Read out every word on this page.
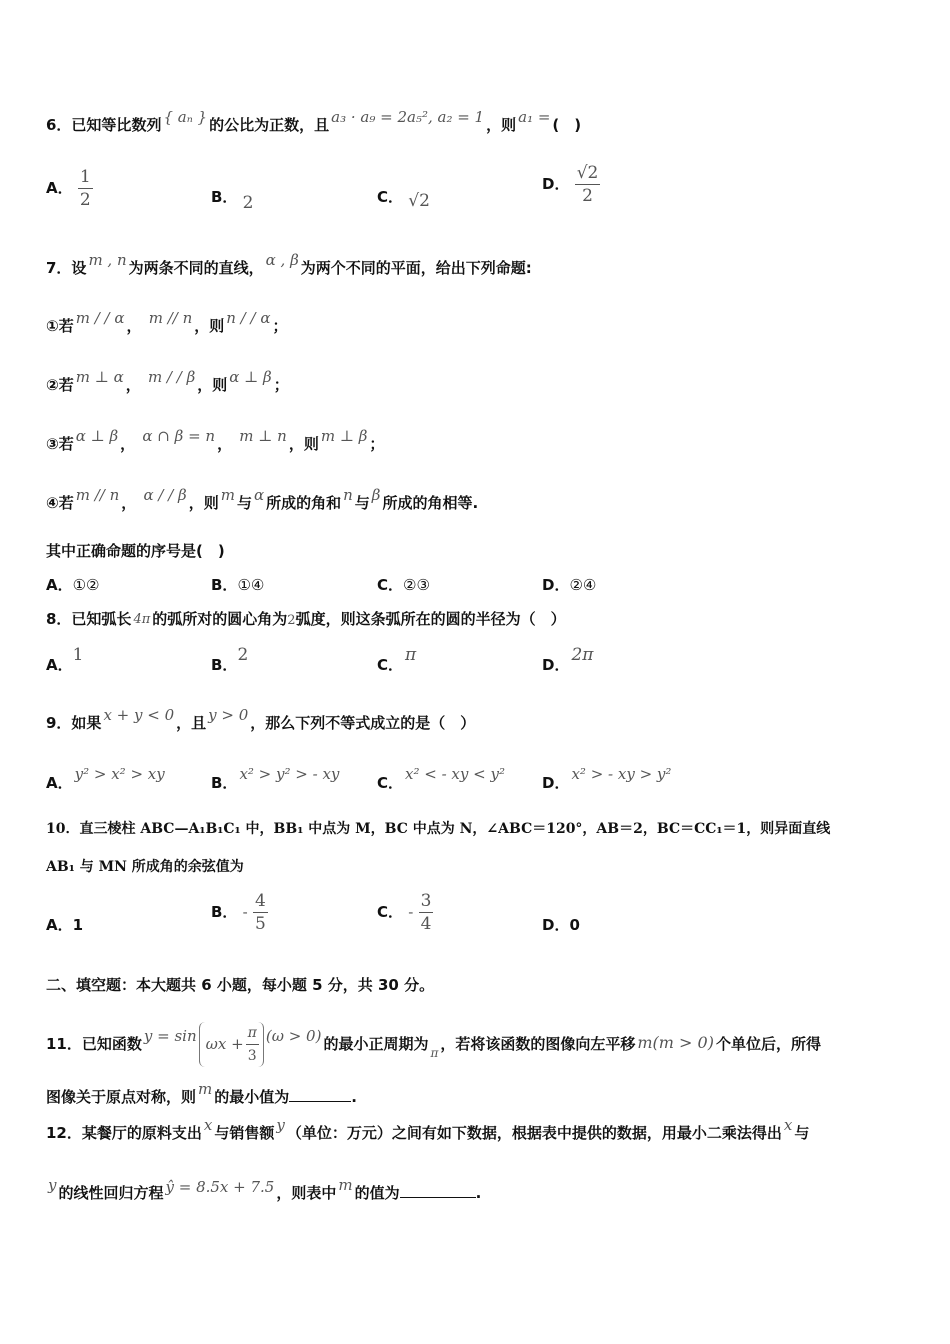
6．已知等比数列 { aₙ } 的公比为正数，且 a₃ · a₉ = 2a₅², a₂ = 1 ，则 a₁ = (　)
A． $\frac{1}{2}$	B． 2	C． √2
D． $\frac{√2}{2}$
7．设 m , n 为两条不同的直线， α , β 为两个不同的平面，给出下列命题:
①若 m / / α ， m // n ，则 n / / α ；
②若 m ⊥ α ， m / / β ，则 α ⊥ β ；
③若 α ⊥ β ， α ∩ β = n ， m ⊥ n ，则 m ⊥ β ；
④若 m // n ， α / / β ，则 m 与 α 所成的角和 n 与 β 所成的角相等.
其中正确命题的序号是(　)
A．①②	B．①④	C．②③	D．②④
8．已知弧长 4π 的弧所对的圆心角为2弧度，则这条弧所在的圆的半径为（　）
A．1	B．2	C． π	D． 2π
9．如果 x + y < 0 ，且 y > 0 ，那么下列不等式成立的是（　）
A． y² > x² > xy	B． x² > y² > - xy	C． x² < - xy < y² D． x² > - xy > y²
10．直三棱柱 ABC—A₁B₁C₁ 中，BB₁ 中点为 M，BC 中点为 N，∠ABC＝120°，AB＝2，BC＝CC₁＝1，则异面直线
AB₁ 与 MN 所成角的余弦值为
A．1
B． - $\frac{4}{5}$	C． - $\frac{3}{4}$	D．0
二、填空题：本大题共 6 小题，每小题 5 分，共 30 分。
11．已知函数 $y = \sin \omega x + \frac{\pi}{3} (\omega > 0)$ 的最小正周期为 $_\pi$ ，若将该函数的图像向左平移 m(m > 0) 个单位后，所得
图像关于原点对称，则 m 的最小值为	.
12．某餐厅的原料支出 x 与销售额 y （单位：万元）之间有如下数据，根据表中提供的数据，用最小二乘法得出 x 与
y 的线性回归方程 ŷ = 8.5x + 7.5 ，则表中 m 的值为	.
